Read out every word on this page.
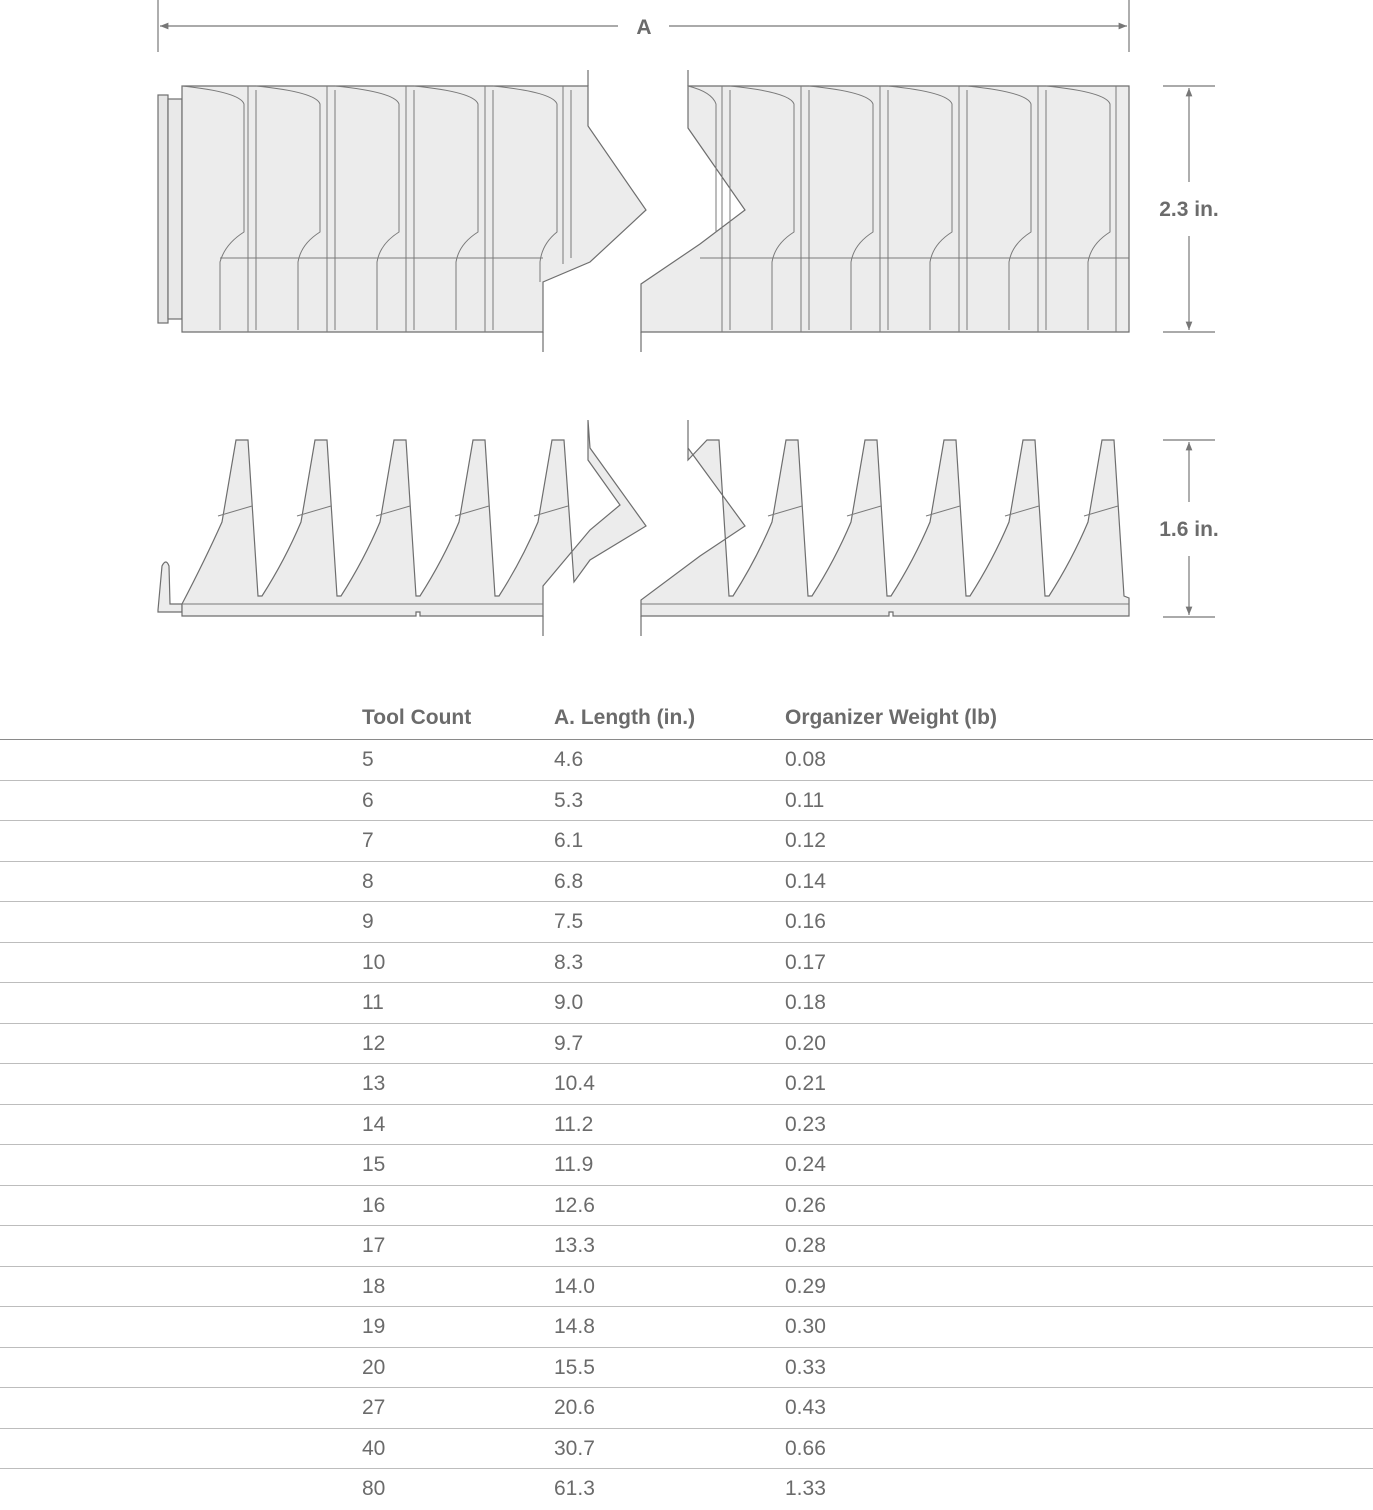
A
2.3 in.
1.6 in.
Tool Count	A. Length (in.)	Organizer Weight (lb)
5	4.6	0.08
6	5.3	0.11
7	6.1	0.12
8	6.8	0.14
9	7.5	0.16
10	8.3	0.17
11	9.0	0.18
12	9.7	0.20
13	10.4	0.21
14	11.2	0.23
15	11.9	0.24
16	12.6	0.26
17	13.3	0.28
18	14.0	0.29
19	14.8	0.30
20	15.5	0.33
27	20.6	0.43
40	30.7	0.66
80	61.3	1.33
